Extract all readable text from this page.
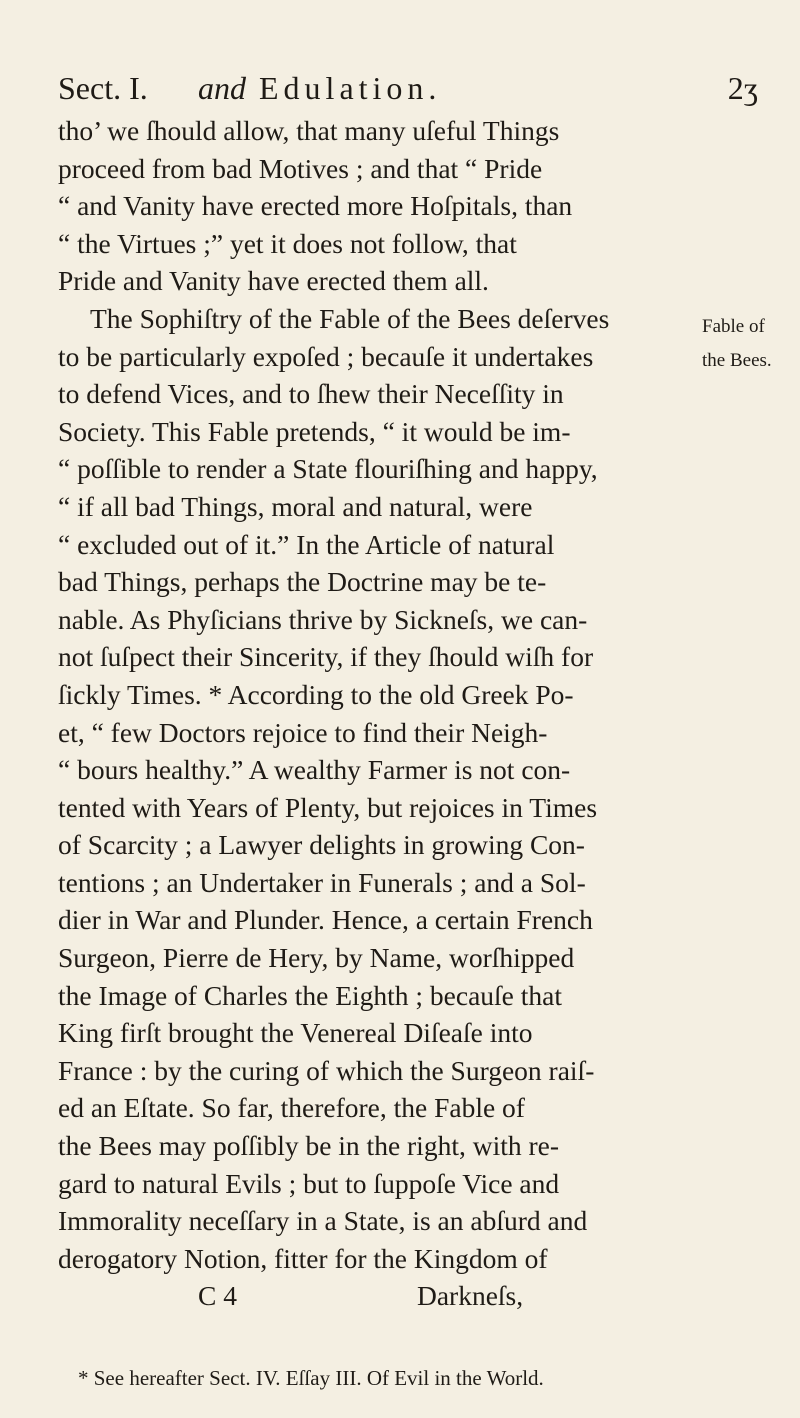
Sect. I. and Edulation.	2ʒ
tho’ we ſhould allow, that many uſeful Things
proceed from bad Motives ; and that “ Pride
“ and Vanity have erected more Hoſpitals, than
“ the Virtues ;” yet it does not follow, that
Pride and Vanity have erected them all.
The Sophiſtry of the Fable of the Bees deſerves
to be particularly expoſed ; becauſe it undertakes
to defend Vices, and to ſhew their Neceſſity in
Society. This Fable pretends, “ it would be im-
“ poſſible to render a State flouriſhing and happy,
“ if all bad Things, moral and natural, were
“ excluded out of it.” In the Article of natural
bad Things, perhaps the Doctrine may be te-
nable. As Phyſicians thrive by Sickneſs, we can-
not ſuſpect their Sincerity, if they ſhould wiſh for
ſickly Times. * According to the old Greek Po-
et, “ few Doctors rejoice to find their Neigh-
“ bours healthy.” A wealthy Farmer is not con-
tented with Years of Plenty, but rejoices in Times
of Scarcity ; a Lawyer delights in growing Con-
tentions ; an Undertaker in Funerals ; and a Sol-
dier in War and Plunder. Hence, a certain French
Surgeon, Pierre de Hery, by Name, worſhipped
the Image of Charles the Eighth ; becauſe that
King firſt brought the Venereal Diſeaſe into
France : by the curing of which the Surgeon raiſ-
ed an Eſtate. So far, therefore, the Fable of
the Bees may poſſibly be in the right, with re-
gard to natural Evils ; but to ſuppoſe Vice and
Immorality neceſſary in a State, is an abſurd and
derogatory Notion, fitter for the Kingdom of
C 4	Darkneſs,
Fable of
the Bees.
* See hereafter Sect. IV. Eſſay III. Of Evil in the World.
